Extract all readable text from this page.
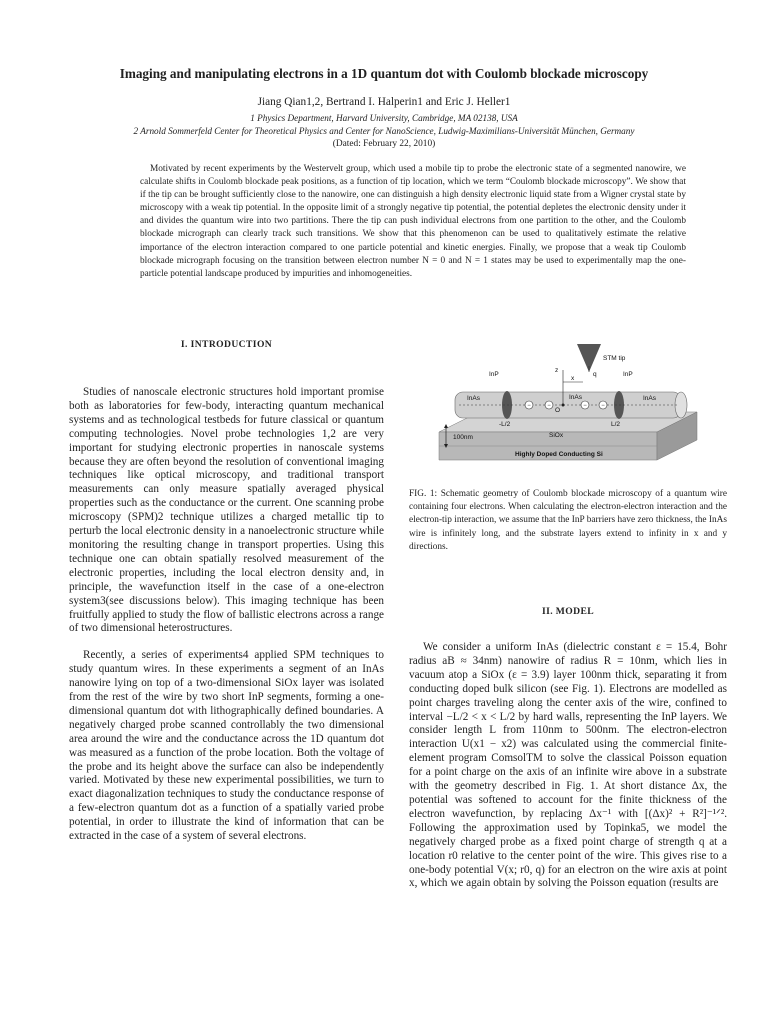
Imaging and manipulating electrons in a 1D quantum dot with Coulomb blockade microscopy
Jiang Qian1,2, Bertrand I. Halperin1 and Eric J. Heller1
1 Physics Department, Harvard University, Cambridge, MA 02138, USA
2 Arnold Sommerfeld Center for Theoretical Physics and Center for NanoScience, Ludwig-Maximilians-Universität München, Germany
(Dated: February 22, 2010)
Motivated by recent experiments by the Westervelt group, which used a mobile tip to probe the electronic state of a segmented nanowire, we calculate shifts in Coulomb blockade peak positions, as a function of tip location, which we term “Coulomb blockade microscopy”. We show that if the tip can be brought sufficiently close to the nanowire, one can distinguish a high density electronic liquid state from a Wigner crystal state by microscopy with a weak tip potential. In the opposite limit of a strongly negative tip potential, the potential depletes the electronic density under it and divides the quantum wire into two partitions. There the tip can push individual electrons from one partition to the other, and the Coulomb blockade micrograph can clearly track such transitions. We show that this phenomenon can be used to qualitatively estimate the relative importance of the electron interaction compared to one particle potential and kinetic energies. Finally, we propose that a weak tip Coulomb blockade micrograph focusing on the transition between electron number N = 0 and N = 1 states may be used to experimentally map the one-particle potential landscape produced by impurities and inhomogeneities.
I. INTRODUCTION

Studies of nanoscale electronic structures hold important promise both as laboratories for few-body, interacting quantum mechanical systems and as technological testbeds for future classical or quantum computing technologies. Novel probe technologies 1,2 are very important for studying electronic properties in nanoscale systems because they are often beyond the resolution of conventional imaging techniques like optical microscopy, and traditional transport measurements can only measure spatially averaged physical properties such as the conductance or the current. One scanning probe microscopy (SPM)2 technique utilizes a charged metallic tip to perturb the local electronic density in a nanoelectronic structure while monitoring the resulting change in transport properties. Using this technique one can obtain spatially resolved measurement of the electronic properties, including the local electron density and, in principle, the wavefunction itself in the case of a one-electron system3(see discussions below). This imaging technique has been fruitfully applied to study the flow of ballistic electrons across a range of two dimensional heterostructures.

Recently, a series of experiments4 applied SPM techniques to study quantum wires. In these experiments a segment of an InAs nanowire lying on top of a two-dimensional SiOx layer was isolated from the rest of the wire by two short InP segments, forming a one-dimensional quantum dot with lithographically defined boundaries. A negatively charged probe scanned controllably the two dimensional area around the wire and the conductance across the 1D quantum dot was measured as a function of the probe location. Both the voltage of the probe and its height above the surface can also be independently varied. Motivated by these new experimental possibilities, we turn to exact diagonalization techniques to study the conductance response of a few-electron quantum dot as a function of a spatially varied probe potential, in order to illustrate the kind of information that can be extracted in the case of a system of several electrons.

−	−	− −
STM tip
InP	InP
InAs	InAs	InAs
z
x
q
O
-L/2	L/2
100nm	SiOx
Highly Doped Conducting Si
FIG. 1: Schematic geometry of Coulomb blockade microscopy of a quantum wire containing four electrons. When calculating the electron-electron interaction and the electron-tip interaction, we assume that the InP barriers have zero thickness, the InAs wire is infinitely long, and the substrate layers extend to infinity in x and y directions.
II. MODEL

We consider a uniform InAs (dielectric constant ε = 15.4, Bohr radius aB ≈ 34nm) nanowire of radius R = 10nm, which lies in vacuum atop a SiOx (ε = 3.9) layer 100nm thick, separating it from conducting doped bulk silicon (see Fig. 1). Electrons are modelled as point charges traveling along the center axis of the wire, confined to interval −L/2 < x < L/2 by hard walls, representing the InP layers. We consider length L from 110nm to 500nm. The electron-electron interaction U(x1 − x2) was calculated using the commercial finite-element program ComsolTM to solve the classical Poisson equation for a point charge on the axis of an infinite wire above in a substrate with the geometry described in Fig. 1. At short distance Δx, the potential was softened to account for the finite thickness of the electron wavefunction, by replacing Δx⁻¹ with [(Δx)² + R²]⁻¹ᐟ². Following the approximation used by Topinka5, we model the negatively charged probe as a fixed point charge of strength q at a location r0 relative to the center point of the wire. This gives rise to a one-body potential V(x; r0, q) for an electron on the wire axis at point x, which we again obtain by solving the Poisson equation (results are
